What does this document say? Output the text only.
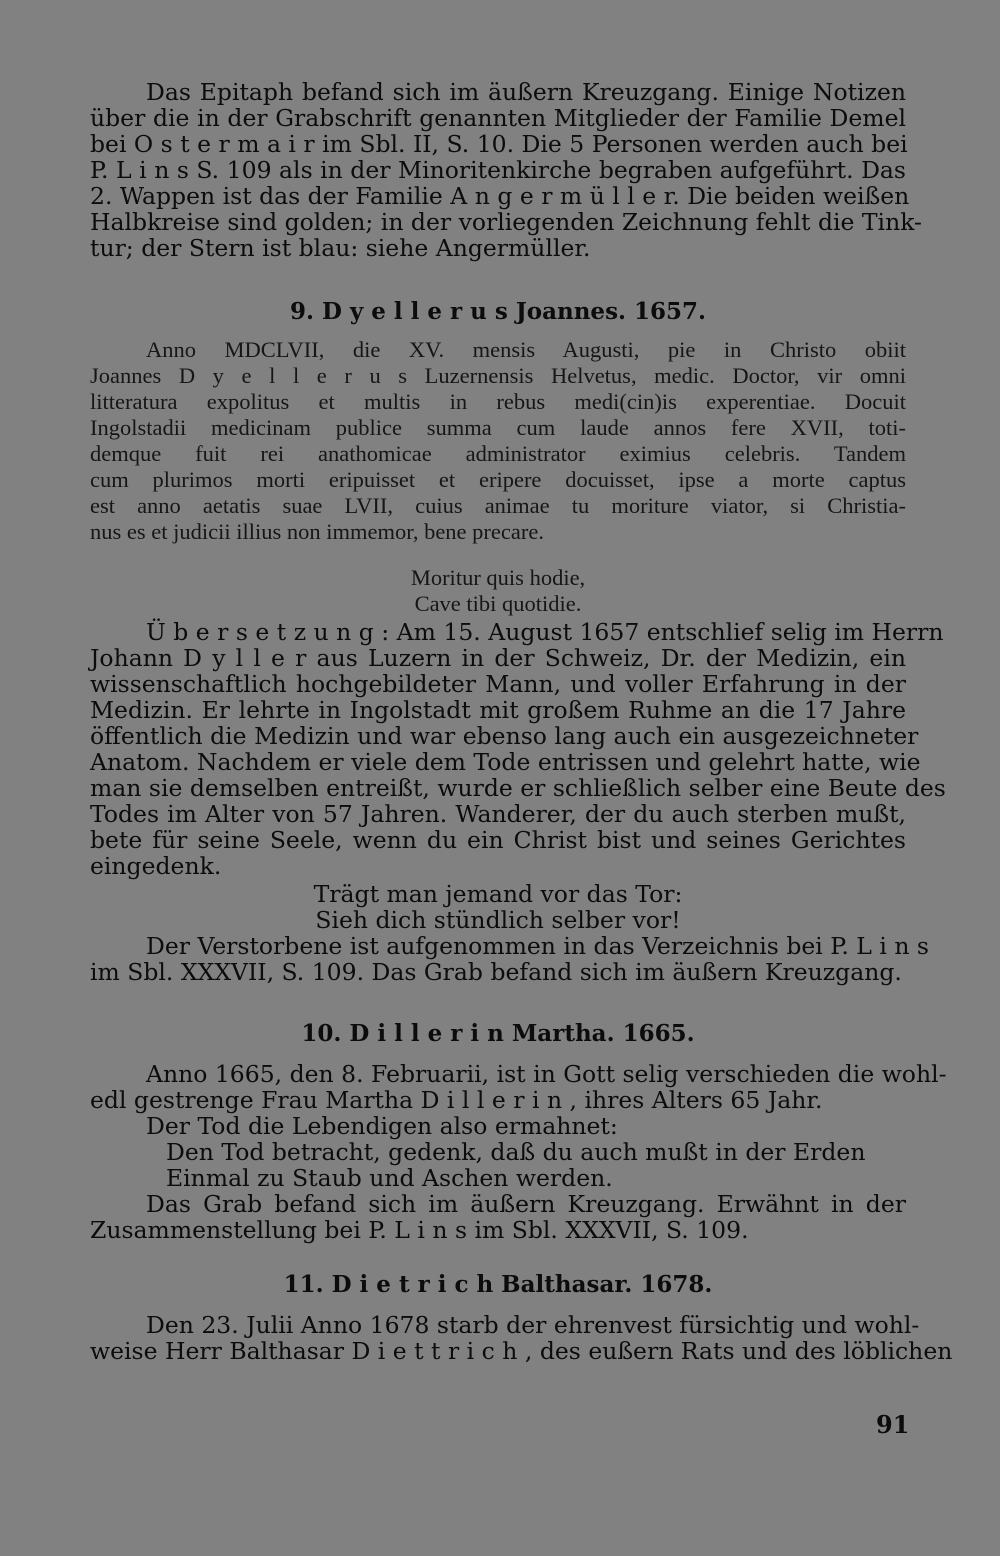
Das Epitaph befand sich im äußern Kreuzgang. Einige Notizen
über die in der Grabschrift genannten Mitglieder der Familie Demel
bei O s t e r m a i r im Sbl. II, S. 10. Die 5 Personen werden auch bei
P. L i n s S. 109 als in der Minoritenkirche begraben aufgeführt. Das
2. Wappen ist das der Familie A n g e r m ü l l e r. Die beiden weißen
Halbkreise sind golden; in der vorliegenden Zeichnung fehlt die Tink-
tur; der Stern ist blau: siehe Angermüller.
9. D y e l l e r u s Joannes. 1657.
Anno MDCLVII, die XV. mensis Augusti, pie in Christo obiit
Joannes D y e l l e r u s Luzernensis Helvetus, medic. Doctor, vir omni
litteratura expolitus et multis in rebus medi(cin)is experentiae. Docuit
Ingolstadii medicinam publice summa cum laude annos fere XVII, toti-
demque fuit rei anathomicae administrator eximius celebris. Tandem
cum plurimos morti eripuisset et eripere docuisset, ipse a morte captus
est anno aetatis suae LVII, cuius animae tu moriture viator, si Christia-
nus es et judicii illius non immemor, bene precare.
Moritur quis hodie,
Cave tibi quotidie.
Ü b e r s e t z u n g : Am 15. August 1657 entschlief selig im Herrn
Johann D y l l e r aus Luzern in der Schweiz, Dr. der Medizin, ein
wissenschaftlich hochgebildeter Mann, und voller Erfahrung in der
Medizin. Er lehrte in Ingolstadt mit großem Ruhme an die 17 Jahre
öffentlich die Medizin und war ebenso lang auch ein ausgezeichneter
Anatom. Nachdem er viele dem Tode entrissen und gelehrt hatte, wie
man sie demselben entreißt, wurde er schließlich selber eine Beute des
Todes im Alter von 57 Jahren. Wanderer, der du auch sterben mußt,
bete für seine Seele, wenn du ein Christ bist und seines Gerichtes
eingedenk.
Trägt man jemand vor das Tor:
Sieh dich stündlich selber vor!
Der Verstorbene ist aufgenommen in das Verzeichnis bei P. L i n s
im Sbl. XXXVII, S. 109. Das Grab befand sich im äußern Kreuzgang.
10. D i l l e r i n Martha. 1665.
Anno 1665, den 8. Februarii, ist in Gott selig verschieden die wohl-
edl gestrenge Frau Martha D i l l e r i n , ihres Alters 65 Jahr.
Der Tod die Lebendigen also ermahnet:
Den Tod betracht, gedenk, daß du auch mußt in der Erden
Einmal zu Staub und Aschen werden.
Das Grab befand sich im äußern Kreuzgang. Erwähnt in der
Zusammenstellung bei P. L i n s im Sbl. XXXVII, S. 109.
11. D i e t r i c h Balthasar. 1678.
Den 23. Julii Anno 1678 starb der ehrenvest fürsichtig und wohl-
weise Herr Balthasar D i e t t r i c h , des eußern Rats und des löblichen
91
